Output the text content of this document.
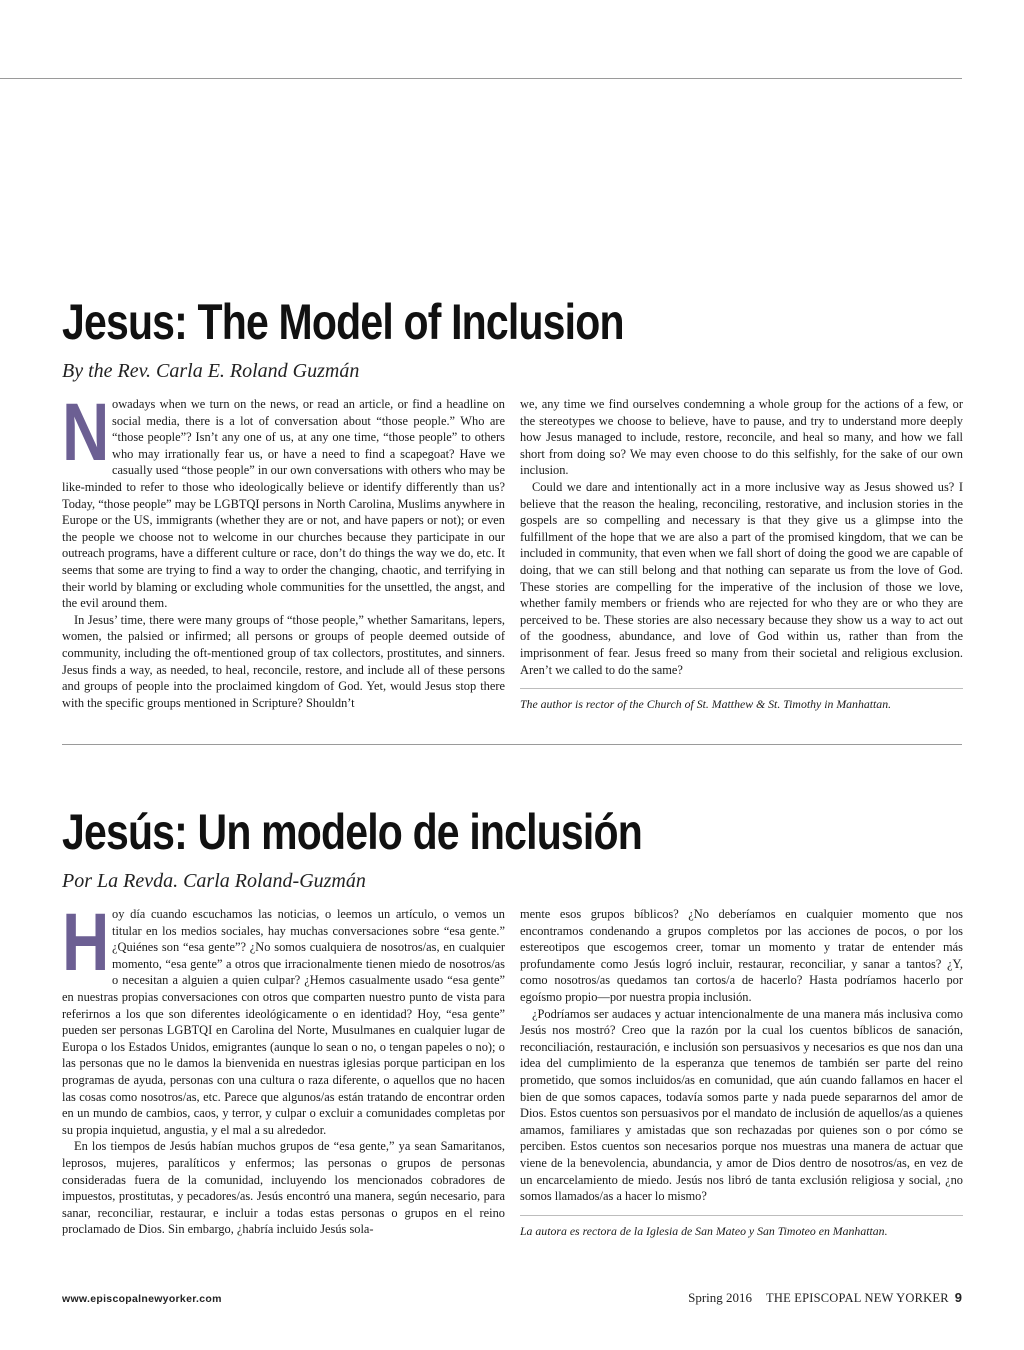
Jesus: The Model of Inclusion
By the Rev. Carla E. Roland Guzmán

Nowadays when we turn on the news, or read an article, or find a headline on social media, there is a lot of conversation about “those people.” Who are “those people”? Isn’t any one of us, at any one time, “those people” to others who may irrationally fear us, or have a need to find a scapegoat? Have we casually used “those people” in our own conversations with others who may be like-minded to refer to those who ideologically believe or identify differently than us? Today, “those people” may be LGBTQI persons in North Carolina, Muslims anywhere in Europe or the US, immigrants (whether they are or not, and have papers or not); or even the people we choose not to welcome in our churches because they participate in our outreach programs, have a different culture or race, don’t do things the way we do, etc. It seems that some are trying to find a way to order the changing, chaotic, and terrifying in their world by blaming or excluding whole communities for the unsettled, the angst, and the evil around them.

In Jesus’ time, there were many groups of “those people,” whether Samaritans, lepers, women, the palsied or infirmed; all persons or groups of people deemed outside of community, including the oft-mentioned group of tax collectors, prostitutes, and sinners. Jesus finds a way, as needed, to heal, reconcile, restore, and include all of these persons and groups of people into the proclaimed kingdom of God. Yet, would Jesus stop there with the specific groups mentioned in Scripture? Shouldn’t

we, any time we find ourselves condemning a whole group for the actions of a few, or the stereotypes we choose to believe, have to pause, and try to understand more deeply how Jesus managed to include, restore, reconcile, and heal so many, and how we fall short from doing so? We may even choose to do this selfishly, for the sake of our own inclusion.

Could we dare and intentionally act in a more inclusive way as Jesus showed us? I believe that the reason the healing, reconciling, restorative, and inclusion stories in the gospels are so compelling and necessary is that they give us a glimpse into the fulfillment of the hope that we are also a part of the promised kingdom, that we can be included in community, that even when we fall short of doing the good we are capable of doing, that we can still belong and that nothing can separate us from the love of God. These stories are compelling for the imperative of the inclusion of those we love, whether family members or friends who are rejected for who they are or who they are perceived to be. These stories are also necessary because they show us a way to act out of the goodness, abundance, and love of God within us, rather than from the imprisonment of fear. Jesus freed so many from their societal and religious exclusion. Aren’t we called to do the same?

The author is rector of the Church of St. Matthew & St. Timothy in Manhattan.

Jesús: Un modelo de inclusión
Por La Revda. Carla Roland-Guzmán

Hoy día cuando escuchamos las noticias, o leemos un artículo, o vemos un titular en los medios sociales, hay muchas conversaciones sobre “esa gente.” ¿Quiénes son “esa gente”? ¿No somos cualquiera de nosotros/as, en cualquier momento, “esa gente” a otros que irracionalmente tienen miedo de nosotros/as o necesitan a alguien a quien culpar? ¿Hemos casualmente usado “esa gente” en nuestras propias conversaciones con otros que comparten nuestro punto de vista para referirnos a los que son diferentes ideológicamente o en identidad? Hoy, “esa gente” pueden ser personas LGBTQI en Carolina del Norte, Musulmanes en cualquier lugar de Europa o los Estados Unidos, emigrantes (aunque lo sean o no, o tengan papeles o no); o las personas que no le damos la bienvenida en nuestras iglesias porque participan en los programas de ayuda, personas con una cultura o raza diferente, o aquellos que no hacen las cosas como nosotros/as, etc. Parece que algunos/as están tratando de encontrar orden en un mundo de cambios, caos, y terror, y culpar o excluir a comunidades completas por su propia inquietud, angustia, y el mal a su alrededor.

En los tiempos de Jesús habían muchos grupos de “esa gente,” ya sean Samaritanos, leprosos, mujeres, paralíticos y enfermos; las personas o grupos de personas consideradas fuera de la comunidad, incluyendo los mencionados cobradores de impuestos, prostitutas, y pecadores/as. Jesús encontró una manera, según necesario, para sanar, reconciliar, restaurar, e incluir a todas estas personas o grupos en el reino proclamado de Dios. Sin embargo, ¿habría incluido Jesús sola-

mente esos grupos bíblicos? ¿No deberíamos en cualquier momento que nos encontramos condenando a grupos completos por las acciones de pocos, o por los estereotipos que escogemos creer, tomar un momento y tratar de entender más profundamente como Jesús logró incluir, restaurar, reconciliar, y sanar a tantos? ¿Y, como nosotros/as quedamos tan cortos/a de hacerlo? Hasta podríamos hacerlo por egoísmo propio—por nuestra propia inclusión.

¿Podríamos ser audaces y actuar intencionalmente de una manera más inclusiva como Jesús nos mostró? Creo que la razón por la cual los cuentos bíblicos de sanación, reconciliación, restauración, e inclusión son persuasivos y necesarios es que nos dan una idea del cumplimiento de la esperanza que tenemos de también ser parte del reino prometido, que somos incluidos/as en comunidad, que aún cuando fallamos en hacer el bien de que somos capaces, todavía somos parte y nada puede separarnos del amor de Dios. Estos cuentos son persuasivos por el mandato de inclusión de aquellos/as a quienes amamos, familiares y amistadas que son rechazadas por quienes son o por cómo se perciben. Estos cuentos son necesarios porque nos muestras una manera de actuar que viene de la benevolencia, abundancia, y amor de Dios dentro de nosotros/as, en vez de un encarcelamiento de miedo. Jesús nos libró de tanta exclusión religiosa y social, ¿no somos llamados/as a hacer lo mismo?

La autora es rectora de la Iglesia de San Mateo y San Timoteo en Manhattan.

www.episcopalnewyorker.com	Spring 2016 THE EPISCOPAL NEW YORKER 9
